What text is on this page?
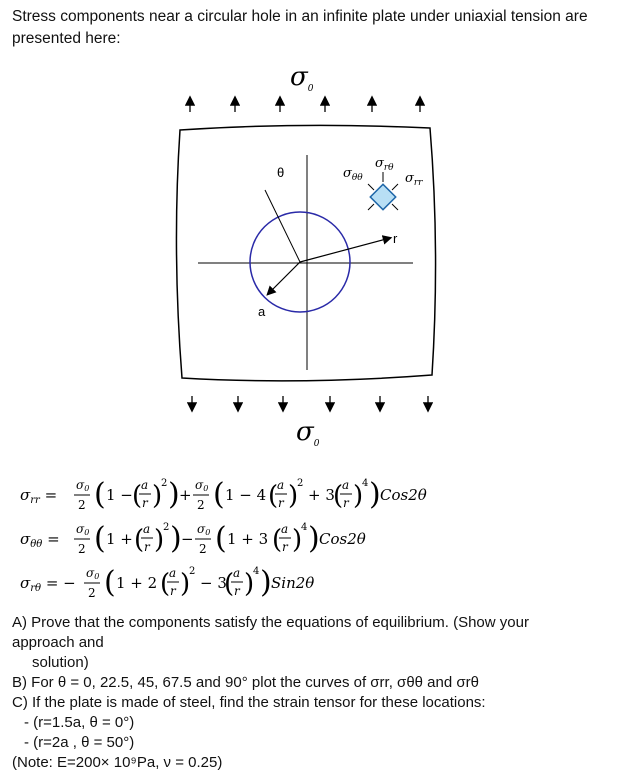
Stress components near a circular hole in an infinite plate under uniaxial tension are presented here:
$\sigma_0$
θ
r
a
$\sigma_{\theta\theta}$
$\sigma_{r\theta}$
$\sigma_{rr}$
$\sigma_0$
$\sigma_{rr}$ =
σ0
2 ( 1 − (
a
r )
2 ) +
σ0
2 ( 1 − 4 (
a
r )
2
+ 3
(
a
r )
4 ) Cos2θ
$\sigma_{\theta\theta}$ =
σ0
2 ( 1 + (
a
r )
2 ) −
σ0
2 ( 1 + 3 (
a
r )
4 ) Cos2θ
$\sigma_{r\theta}$ = −
σ0
2 ( 1 + 2 (
a
r )
2
− 3
(
a
r )
4 ) Sin2θ
A) Prove that the components satisfy the equations of equilibrium. (Show your
approach and
solution)
B) For θ = 0, 22.5, 45, 67.5 and 90° plot the curves of σrr, σθθ and σrθ
C) If the plate is made of steel, find the strain tensor for these locations:
- (r=1.5a, θ = 0°)
- (r=2a , θ = 50°)
(Note: E=200× 10⁹Pa, ν = 0.25)
